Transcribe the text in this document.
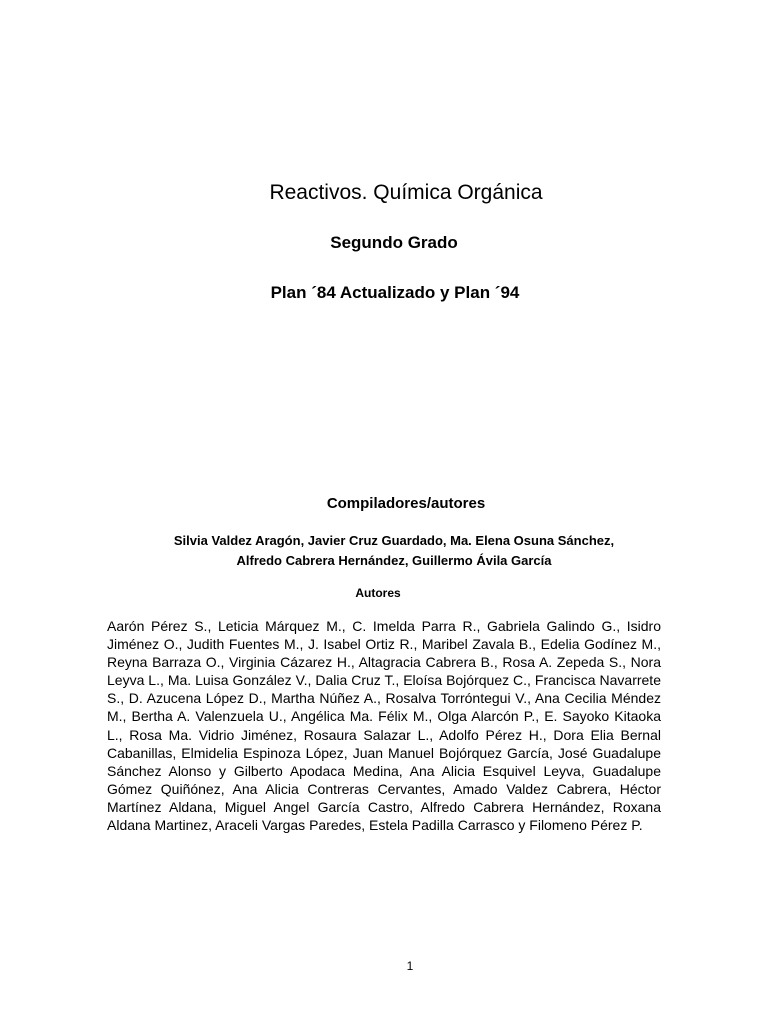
Reactivos. Química Orgánica
Segundo Grado
Plan ´84 Actualizado y Plan ´94
Compiladores/autores
Silvia Valdez Aragón, Javier Cruz Guardado, Ma. Elena Osuna Sánchez,
Alfredo Cabrera Hernández, Guillermo Ávila García
Autores
Aarón Pérez S., Leticia Márquez M., C. Imelda Parra R., Gabriela Galindo G., Isidro Jiménez O., Judith Fuentes M., J. Isabel Ortiz R., Maribel Zavala B., Edelia Godínez M., Reyna Barraza O., Virginia Cázarez H., Altagracia Cabrera B., Rosa A. Zepeda S., Nora Leyva L., Ma. Luisa González V., Dalia Cruz T., Eloísa Bojórquez C., Francisca Navarrete S., D. Azucena López D., Martha Núñez A., Rosalva Torróntegui V., Ana Cecilia Méndez M., Bertha A. Valenzuela U., Angélica Ma. Félix M., Olga Alarcón P., E. Sayoko Kitaoka L., Rosa Ma. Vidrio Jiménez, Rosaura Salazar L., Adolfo Pérez H., Dora Elia Bernal Cabanillas, Elmidelia Espinoza López, Juan Manuel Bojórquez García, José Guadalupe Sánchez Alonso y Gilberto Apodaca Medina, Ana Alicia Esquivel Leyva, Guadalupe Gómez Quiñónez, Ana Alicia Contreras Cervantes, Amado Valdez Cabrera, Héctor Martínez Aldana, Miguel Angel García Castro, Alfredo Cabrera Hernández, Roxana Aldana Martinez, Araceli Vargas Paredes, Estela Padilla Carrasco y Filomeno Pérez P.
1
